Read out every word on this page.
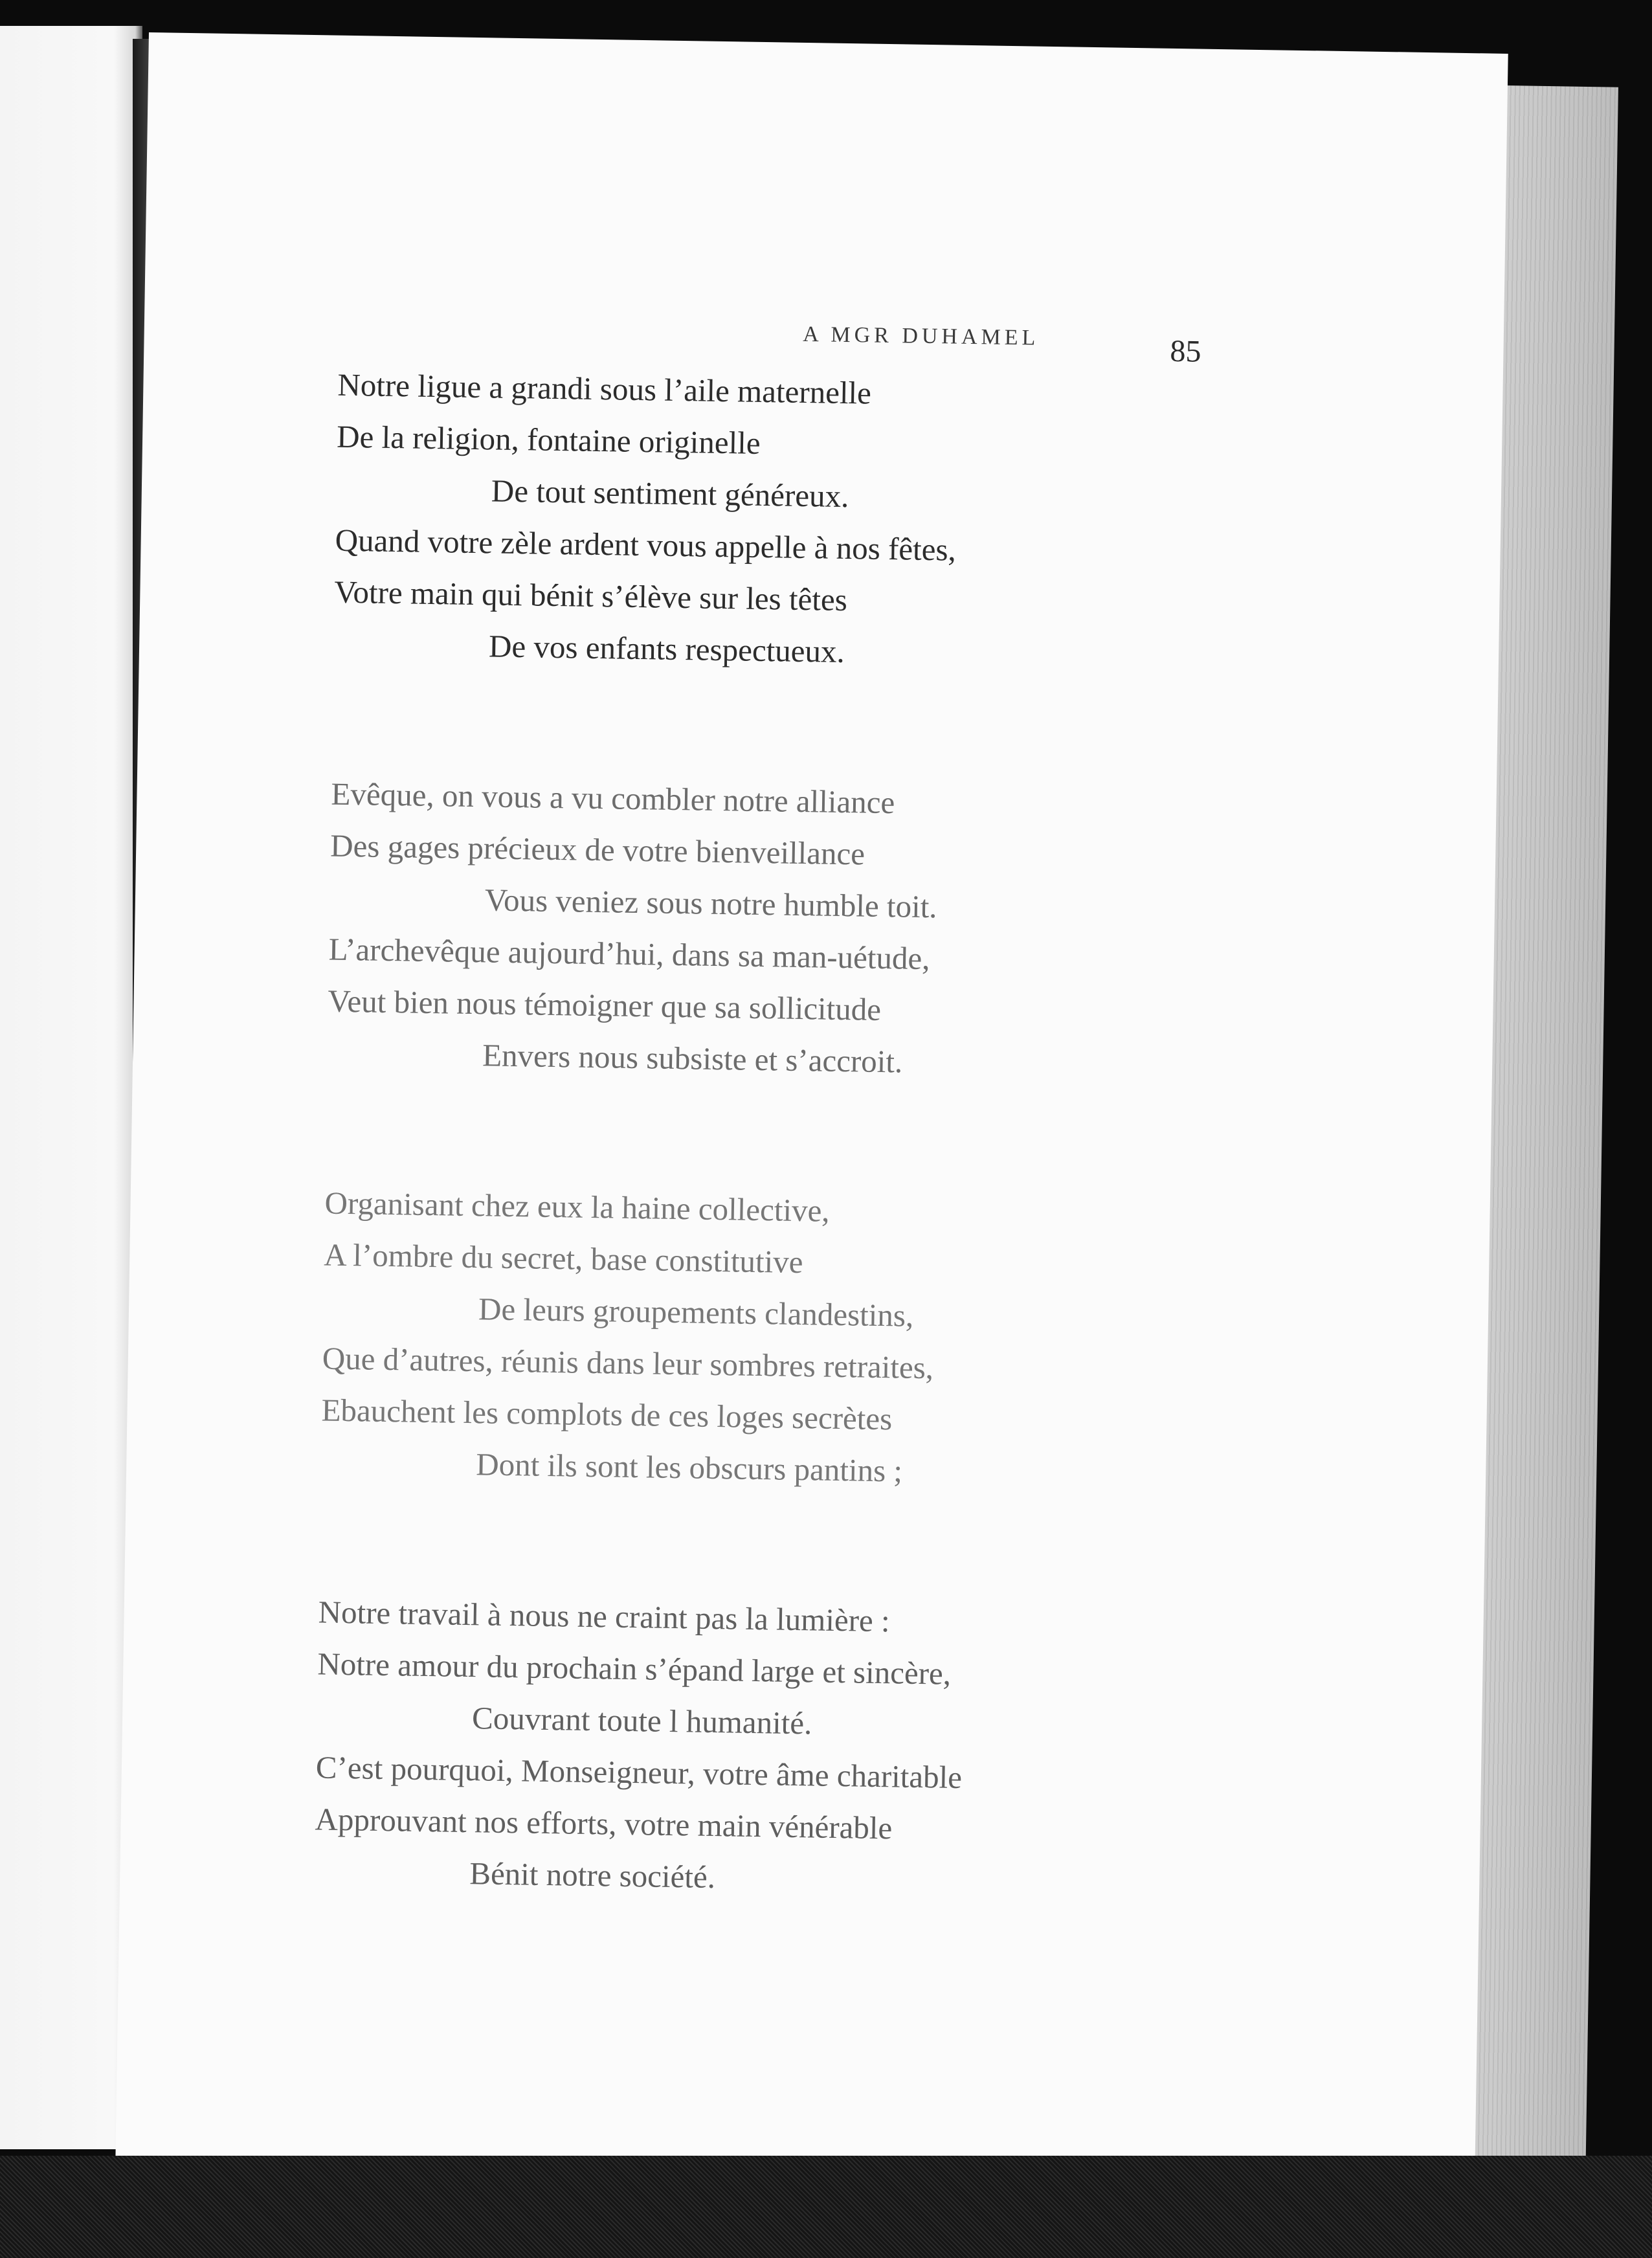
A MGR DUHAMEL	85
Notre ligue a grandi sous l’aile maternelle
De la religion, fontaine originelle
De tout sentiment généreux.
Quand votre zèle ardent vous appelle à nos fêtes,
Votre main qui bénit s’élève sur les têtes
De vos enfants respectueux.
Evêque, on vous a vu combler notre alliance
Des gages précieux de votre bienveillance
Vous veniez sous notre humble toit.
L’archevêque aujourd’hui, dans sa man-uétude,
Veut bien nous témoigner que sa sollicitude
Envers nous subsiste et s’accroit.
Organisant chez eux la haine collective,
A l’ombre du secret, base constitutive
De leurs groupements clandestins,
Que d’autres, réunis dans leur sombres retraites,
Ebauchent les complots de ces loges secrètes
Dont ils sont les obscurs pantins ;
Notre travail à nous ne craint pas la lumière :
Notre amour du prochain s’épand large et sincère,
Couvrant toute l humanité.
C’est pourquoi, Monseigneur, votre âme charitable
Approuvant nos efforts, votre main vénérable
Bénit notre société.
